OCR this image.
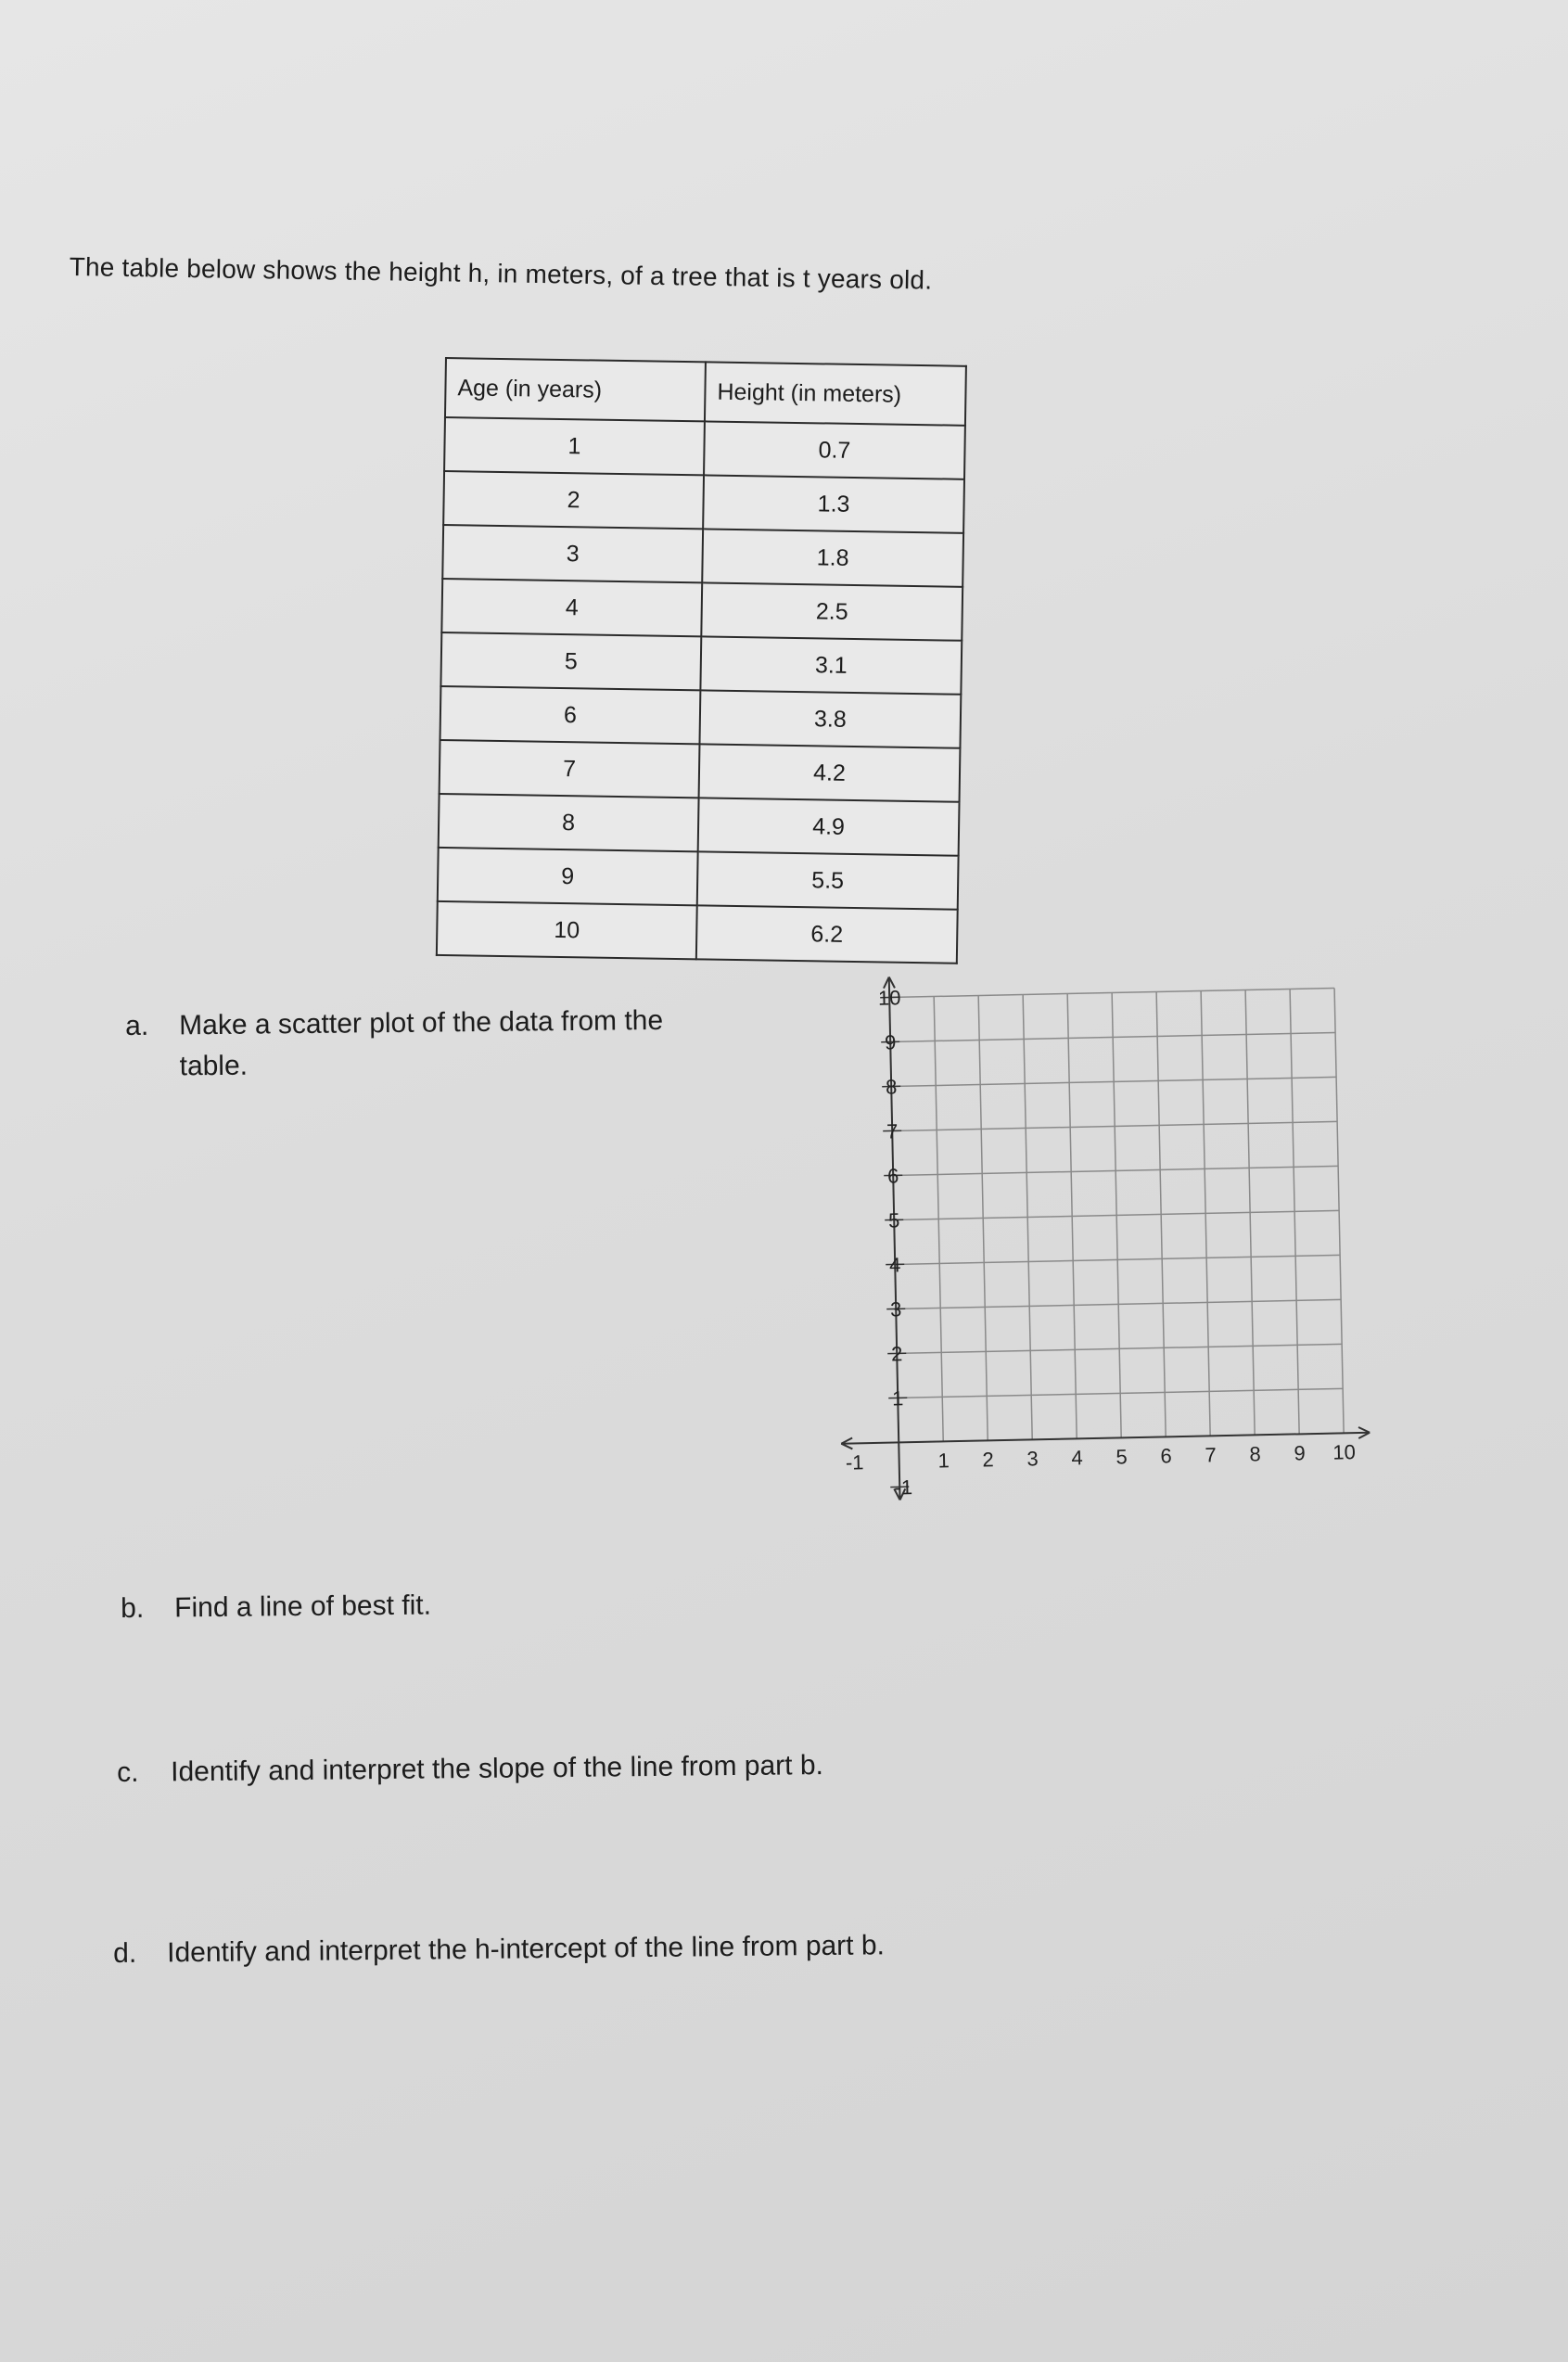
The table below shows the height h, in meters, of a tree that is t years old.
Age (in years)	Height (in meters)
1	0.7
2	1.3
3	1.8
4	2.5
5	3.1
6	3.8
7	4.2
8	4.9
9	5.5
10	6.2
a. Make a scatter plot of the data from the
table.
-1	1 2 3 4 5 6 7 8 9 10
-1
1
2
3
4
5
6
7
8
9
10
b. Find a line of best fit.
c. Identify and interpret the slope of the line from part b.
d. Identify and interpret the h-intercept of the line from part b.
